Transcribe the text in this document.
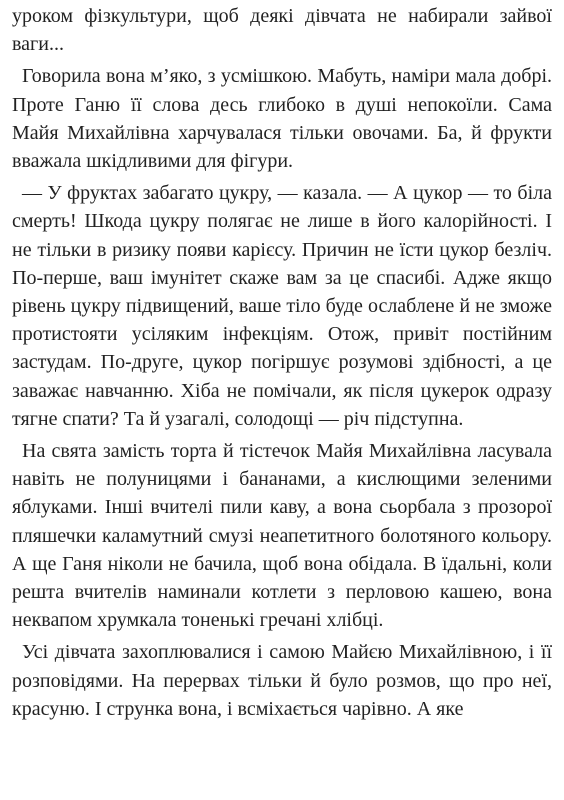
уроком фізкультури, щоб деякі дівчата не набирали зайвої ваги...

Говорила вона м’яко, з усмішкою. Мабуть, наміри мала добрі. Проте Ганю її слова десь глибоко в душі непокоїли. Сама Майя Михайлівна харчувалася тільки овочами. Ба, й фрукти вважала шкідливими для фігури.

— У фруктах забагато цукру, — казала. — А цукор — то біла смерть! Шкода цукру полягає не лише в його калорійності. І не тільки в ризику появи карієсу. Причин не їсти цукор безліч. По-перше, ваш імунітет скаже вам за це спасибі. Адже якщо рівень цукру підвищений, ваше тіло буде ослаблене й не зможе протистояти усіляким інфекціям. Отож, привіт постійним застудам. По-друге, цукор погіршує розумові здібності, а це заважає навчанню. Хіба не помічали, як після цукерок одразу тягне спати? Та й узагалі, солодощі — річ підступна.

На свята замість торта й тістечок Майя Михайлівна ласувала навіть не полуницями і бананами, а кислющими зеленими яблуками. Інші вчителі пили каву, а вона сьорбала з прозорої пляшечки каламутний смузі неапетитного болотяного кольору. А ще Ганя ніколи не бачила, щоб вона обідала. В їдальні, коли решта вчителів наминали котлети з перловою кашею, вона неквапом хрумкала тоненькі гречані хлібці.

Усі дівчата захоплювалися і самою Майєю Михайлівною, і її розповідями. На перервах тільки й було розмов, що про неї, красуню. І струнка вона, і всміхається чарівно. А яке
